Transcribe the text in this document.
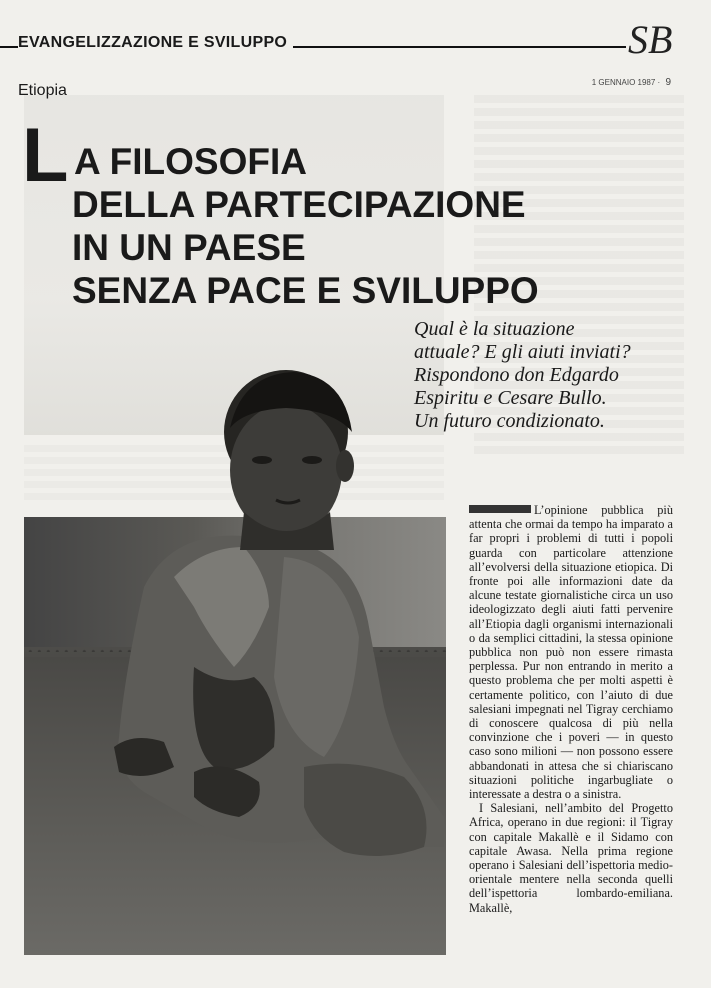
EVANGELIZZAZIONE E SVILUPPO	SB
Etiopia	1 GENNAIO 1987 · 9
L A FILOSOFIA
DELLA PARTECIPAZIONE
IN UN PAESE
SENZA PACE E SVILUPPO
Qual è la situazione attuale? E gli aiuti inviati? Rispondono don Edgardo Espiritu e Cesare Bullo. Un futuro condizionato.

L’opinione pubblica più attenta che ormai da tempo ha imparato a far propri i problemi di tutti i popoli guarda con particolare attenzione all’evolversi della situazione etiopica. Di fronte poi alle informazioni date da alcune testate giornalistiche circa un uso ideologizzato degli aiuti fatti pervenire all’Etiopia dagli organismi internazionali o da semplici cittadini, la stessa opinione pubblica non può non essere rimasta perplessa. Pur non entrando in merito a questo problema che per molti aspetti è certamente politico, con l’aiuto di due salesiani impegnati nel Tigray cerchiamo di conoscere qualcosa di più nella convinzione che i poveri — in questo caso sono milioni — non possono essere abbandonati in attesa che si chiariscano situazioni politiche ingarbugliate o interessate a destra o a sinistra.

I Salesiani, nell’ambito del Progetto Africa, operano in due regioni: il Tigray con capitale Makallè e il Sidamo con capitale Awasa. Nella prima regione operano i Salesiani dell’ispettoria medio-orientale mentere nella seconda quelli dell’ispettoria lombardo-emiliana. Makallè,
